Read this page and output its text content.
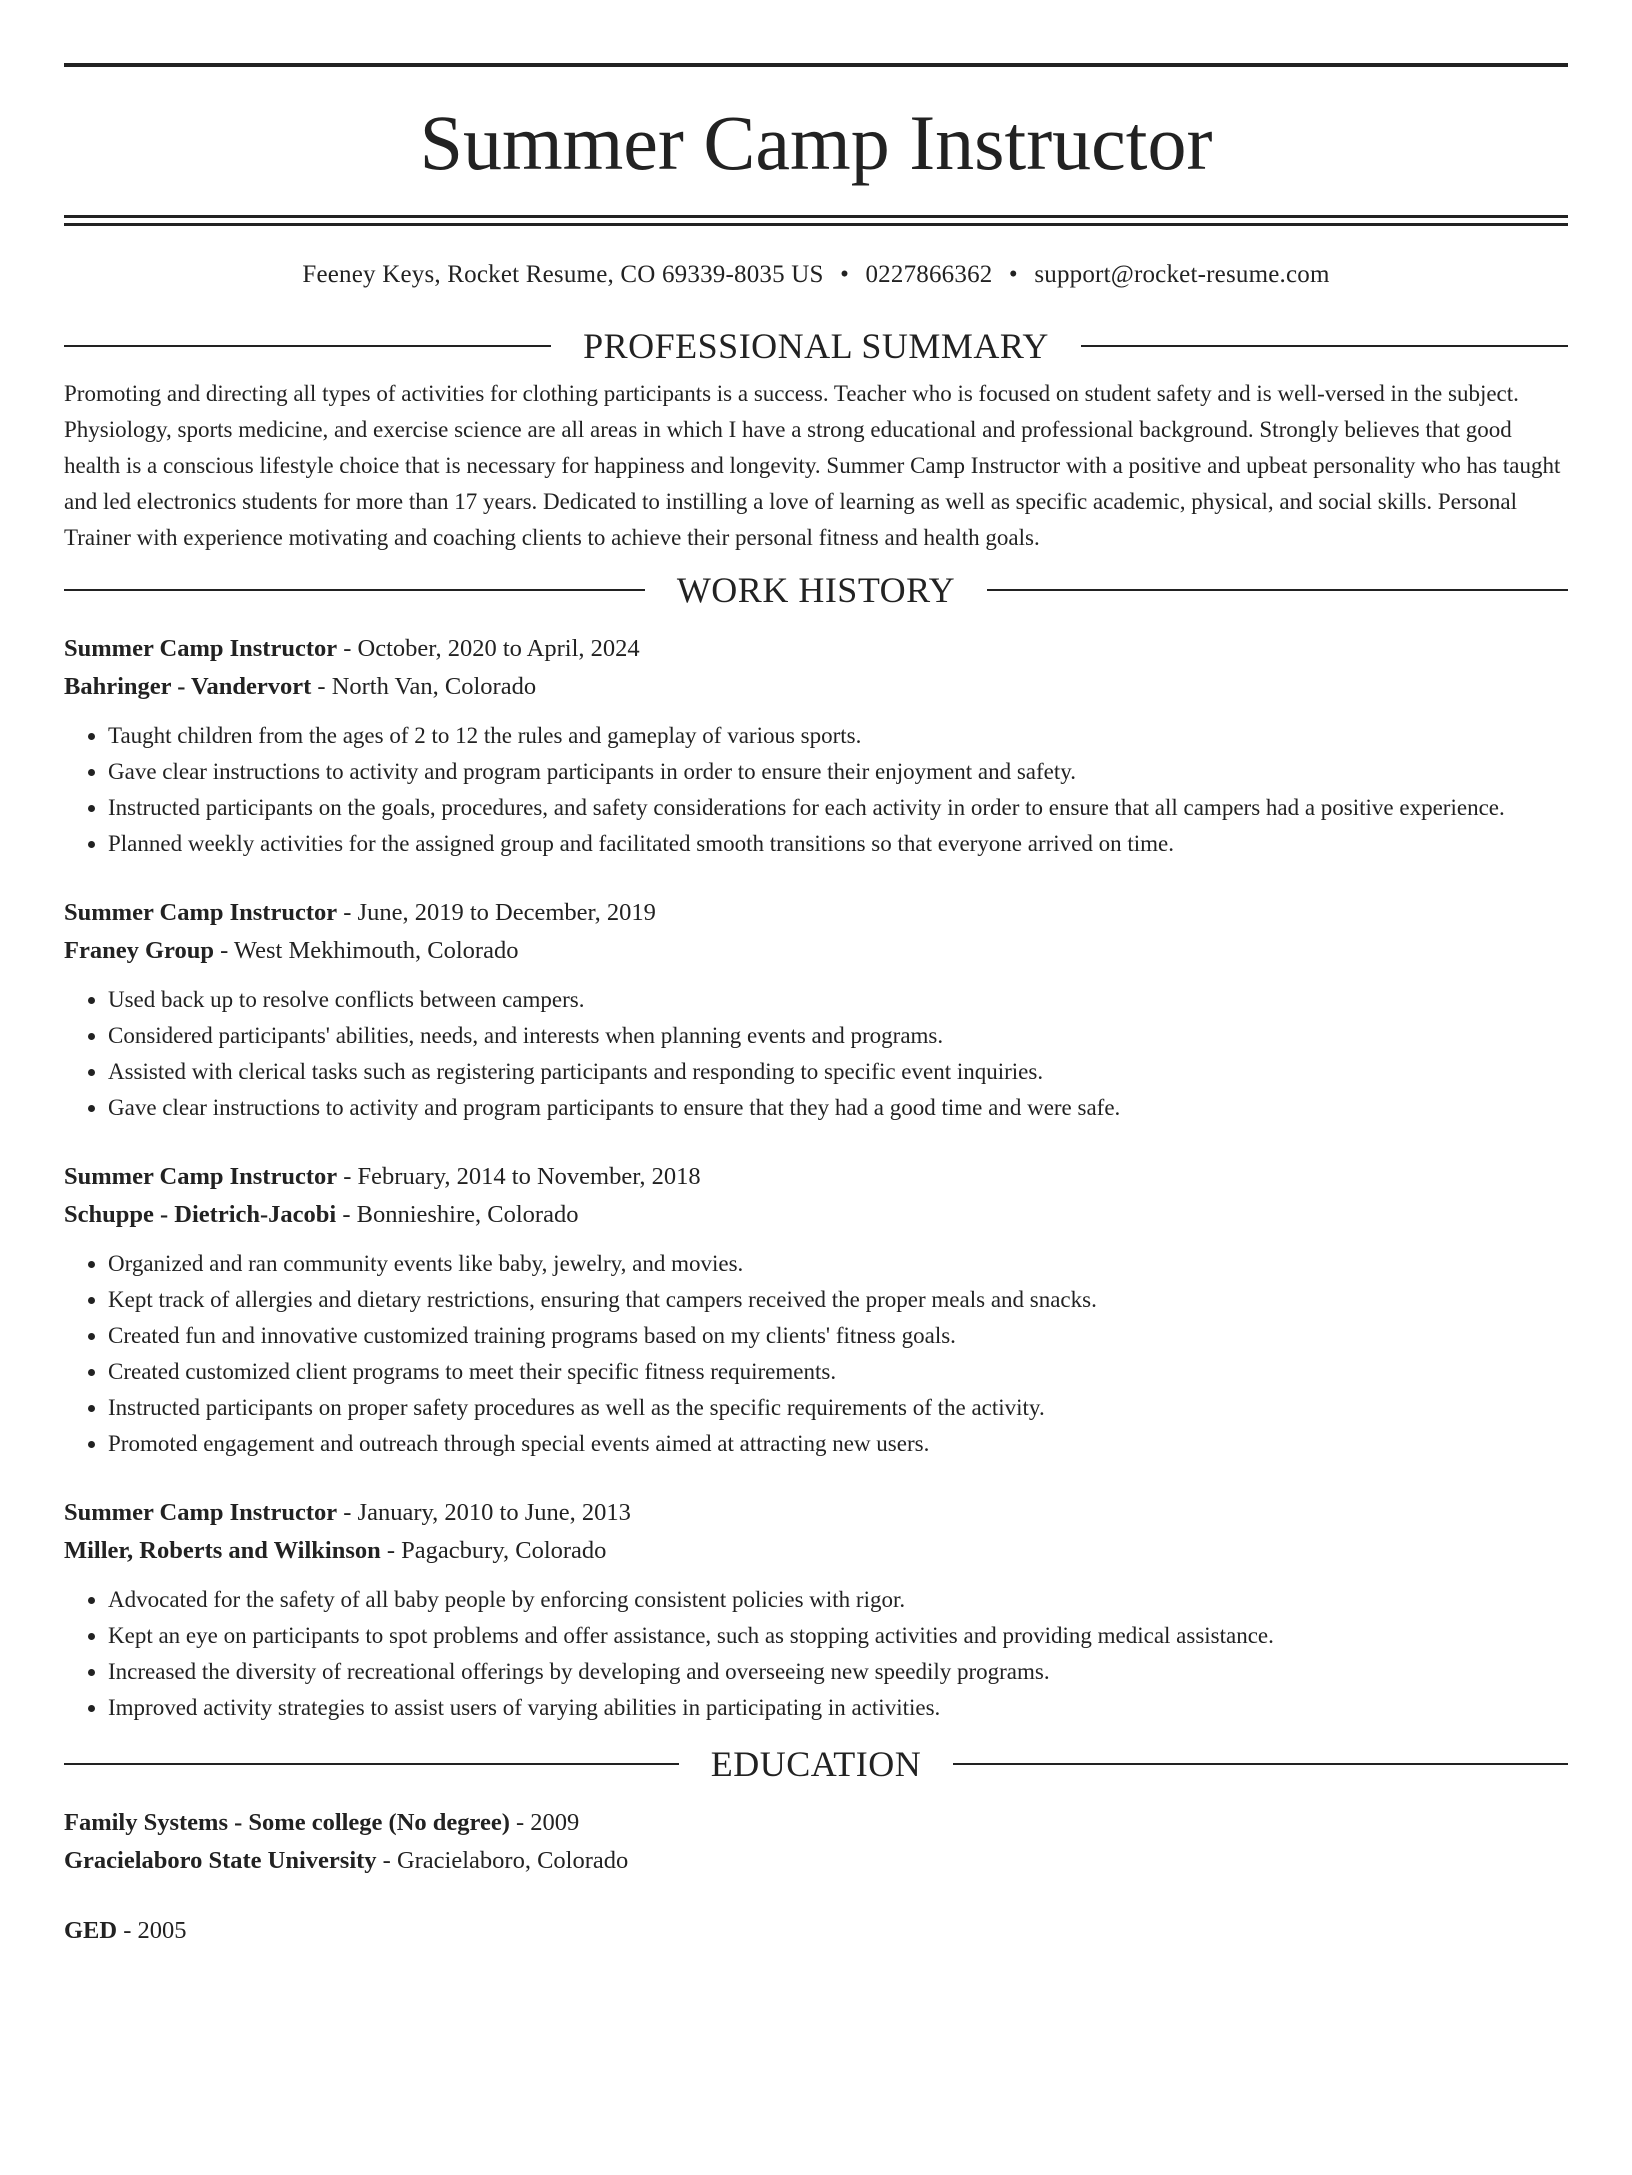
Summer Camp Instructor
Feeney Keys, Rocket Resume, CO 69339-8035 US • 0227866362 • support@rocket-resume.com
PROFESSIONAL SUMMARY

Promoting and directing all types of activities for clothing participants is a success. Teacher who is focused on student safety and is well-versed in the subject. Physiology, sports medicine, and exercise science are all areas in which I have a strong educational and professional background. Strongly believes that good health is a conscious lifestyle choice that is necessary for happiness and longevity. Summer Camp Instructor with a positive and upbeat personality who has taught and led electronics students for more than 17 years. Dedicated to instilling a love of learning as well as specific academic, physical, and social skills. Personal Trainer with experience motivating and coaching clients to achieve their personal fitness and health goals.

WORK HISTORY
Summer Camp Instructor - October, 2020 to April, 2024
Bahringer - Vandervort - North Van, Colorado
• Taught children from the ages of 2 to 12 the rules and gameplay of various sports.
• Gave clear instructions to activity and program participants in order to ensure their enjoyment and safety.
• Instructed participants on the goals, procedures, and safety considerations for each activity in order to ensure that all campers had a positive experience.
• Planned weekly activities for the assigned group and facilitated smooth transitions so that everyone arrived on time.
Summer Camp Instructor - June, 2019 to December, 2019
Franey Group - West Mekhimouth, Colorado
• Used back up to resolve conflicts between campers.
• Considered participants' abilities, needs, and interests when planning events and programs.
• Assisted with clerical tasks such as registering participants and responding to specific event inquiries.
• Gave clear instructions to activity and program participants to ensure that they had a good time and were safe.
Summer Camp Instructor - February, 2014 to November, 2018
Schuppe - Dietrich-Jacobi - Bonnieshire, Colorado
• Organized and ran community events like baby, jewelry, and movies.
• Kept track of allergies and dietary restrictions, ensuring that campers received the proper meals and snacks.
• Created fun and innovative customized training programs based on my clients' fitness goals.
• Created customized client programs to meet their specific fitness requirements.
• Instructed participants on proper safety procedures as well as the specific requirements of the activity.
• Promoted engagement and outreach through special events aimed at attracting new users.
Summer Camp Instructor - January, 2010 to June, 2013
Miller, Roberts and Wilkinson - Pagacbury, Colorado
• Advocated for the safety of all baby people by enforcing consistent policies with rigor.
• Kept an eye on participants to spot problems and offer assistance, such as stopping activities and providing medical assistance.
• Increased the diversity of recreational offerings by developing and overseeing new speedily programs.
• Improved activity strategies to assist users of varying abilities in participating in activities.
EDUCATION
Family Systems - Some college (No degree) - 2009
Gracielaboro State University - Gracielaboro, Colorado
GED - 2005
